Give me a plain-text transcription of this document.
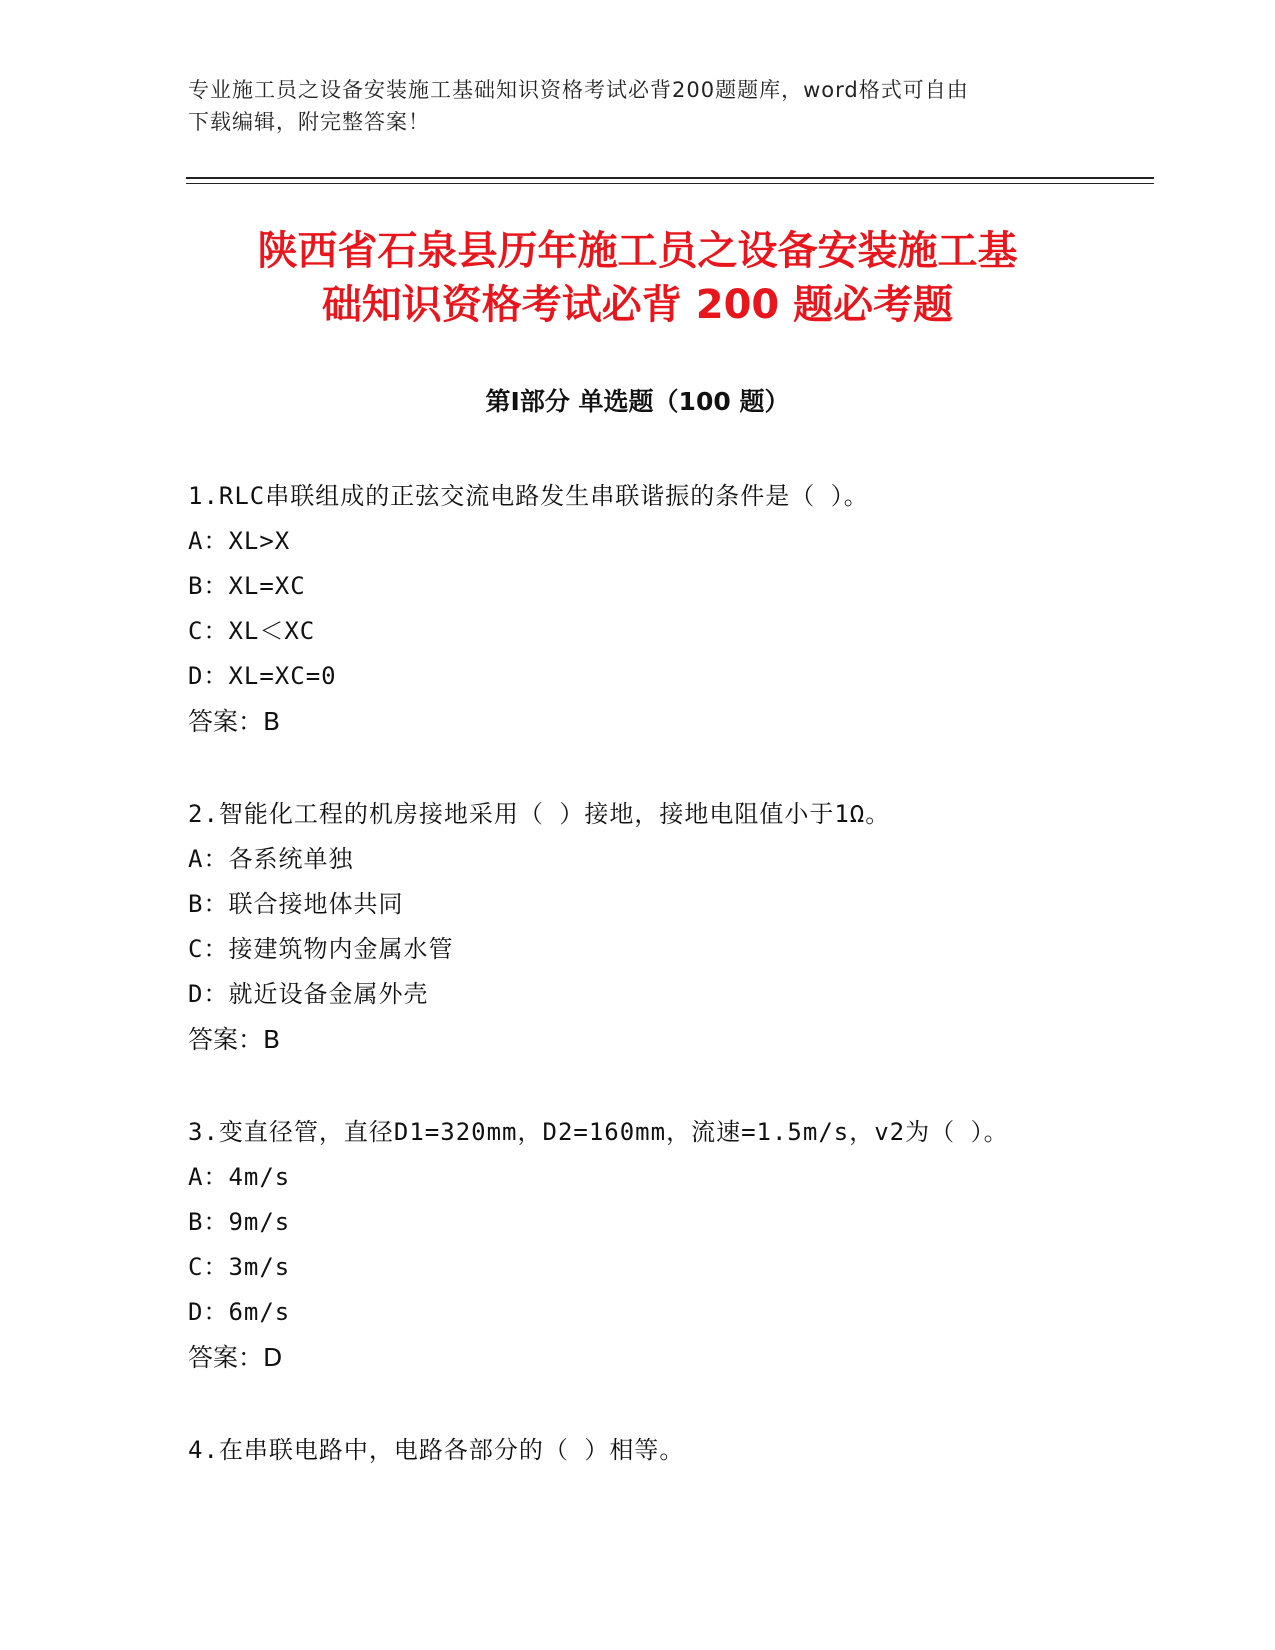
专业施工员之设备安装施工基础知识资格考试必背200题题库，word格式可自由
下载编辑，附完整答案！
陕西省石泉县历年施工员之设备安装施工基
础知识资格考试必背 200 题必考题
第Ⅰ部分 单选题（100 题）
1.RLC串联组成的正弦交流电路发生串联谐振的条件是（ ）。
A：XL>X
B：XL=XC
C：XL＜XC
D：XL=XC=0
答案：B
2.智能化工程的机房接地采用（ ）接地，接地电阻值小于1Ω。
A：各系统单独
B：联合接地体共同
C：接建筑物内金属水管
D：就近设备金属外壳
答案：B
3.变直径管，直径D1=320mm，D2=160mm，流速=1.5m/s，v2为（ ）。
A：4m/s
B：9m/s
C：3m/s
D：6m/s
答案：D
4.在串联电路中，电路各部分的（ ）相等。
